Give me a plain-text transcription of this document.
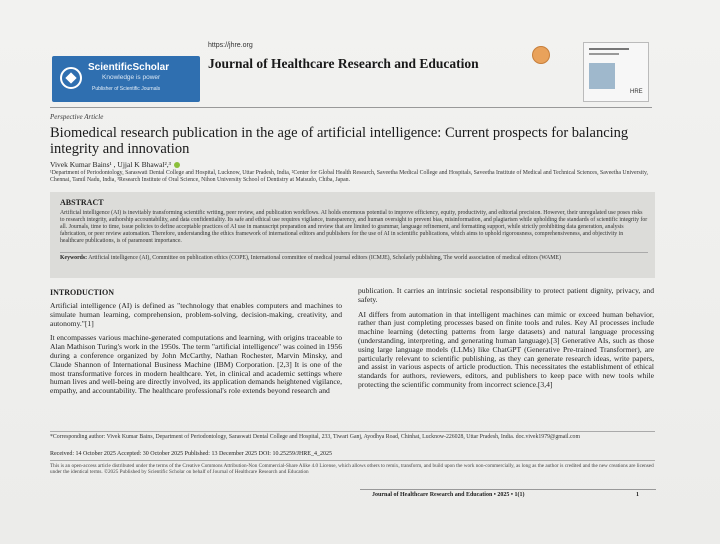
ScientificScholar
Knowledge is power
Publisher of Scientific Journals
https://jhre.org
Journal of Healthcare Research and Education
HRE
Perspective Article
Biomedical research publication in the age of artificial intelligence: Current prospects for balancing integrity and innovation
Vivek Kumar Bains¹ , Ujjal K Bhawal²,³
¹Department of Periodontology, Saraswati Dental College and Hospital, Lucknow, Uttar Pradesh, India, ²Center for Global Health Research, Saveetha Medical College and Hospitals, Saveetha Institute of Medical and Technical Sciences, Saveetha University, Chennai, Tamil Nadu, India, ³Research Institute of Oral Science, Nihon University School of Dentistry at Matsudo, Chiba, Japan.
ABSTRACT
Artificial intelligence (AI) is inevitably transforming scientific writing, peer review, and publication workflows. AI holds enormous potential to improve efficiency, equity, productivity, and editorial precision. However, their unregulated use poses risks to research integrity, authorship accountability, and data confidentiality. Its safe and ethical use requires vigilance, transparency, and human oversight to prevent bias, misinformation, and plagiarism while upholding the standards of scientific integrity for all. Journals, time to time, issue policies to define acceptable practices of AI use in manuscript preparation and review that are limited to grammar, language refinement, and formatting support, while strictly prohibiting data generation, analysis fabrication, or peer review automation. Therefore, understanding the ethics framework of international editors and publishers for the use of AI in scientific publications, which aims to uphold rigorousness, comprehensiveness, and objectivity in healthcare publications, is of paramount importance.
Keywords: Artificial intelligence (AI), Committee on publication ethics (COPE), International committee of medical journal editors (ICMJE), Scholarly publishing, The world association of medical editors (WAME)
INTRODUCTION

Artificial intelligence (AI) is defined as "technology that enables computers and machines to simulate human learning, comprehension, problem-solving, decision-making, creativity, and autonomy."[1]

It encompasses various machine-generated computations and learning, with origins traceable to Alan Mathison Turing's work in the 1950s. The term "artificial intelligence" was coined in 1956 during a conference organized by John McCarthy, Nathan Rochester, Marvin Minsky, and Claude Shannon of International Business Machine (IBM) Corporation. [2,3] It is one of the most transformative forces in modern healthcare. Yet, in clinical and academic settings where human lives and well-being are directly involved, its application demands heightened vigilance, empathy, and accountability. The healthcare professional's role extends beyond research and

publication. It carries an intrinsic societal responsibility to protect patient dignity, privacy, and safety.

AI differs from automation in that intelligent machines can mimic or exceed human behavior, rather than just completing processes based on finite tools and rules. Key AI processes include machine learning (detecting patterns from large datasets) and natural language processing (understanding, interpreting, and generating human language).[3] Generative AIs, such as those using large language models (LLMs) like ChatGPT (Generative Pre-trained Transformer), are particularly relevant to scientific publishing, as they can generate research ideas, write papers, and assist in various aspects of article production. This necessitates the establishment of ethical standards for authors, reviewers, editors, and publishers to keep pace with new tools while protecting the scientific community from incorrect science.[3,4]

*Corresponding author: Vivek Kumar Bains, Department of Periodontology, Saraswati Dental College and Hospital, 233, Tiwari Ganj, Ayodhya Road, Chinhat, Lucknow-226028, Uttar Pradesh, India. doc.vivek1979@gmail.com
Received: 14 October 2025 Accepted: 30 October 2025 Published: 13 December 2025 DOI: 10.25259/JHRE_4_2025
This is an open-access article distributed under the terms of the Creative Commons Attribution-Non Commercial-Share Alike 4.0 License, which allows others to remix, transform, and build upon the work non-commercially, as long as the author is credited and the new creations are licensed under the identical terms. ©2025 Published by Scientific Scholar on behalf of Journal of Healthcare Research and Education
Journal of Healthcare Research and Education • 2025 • 1(1)	1
